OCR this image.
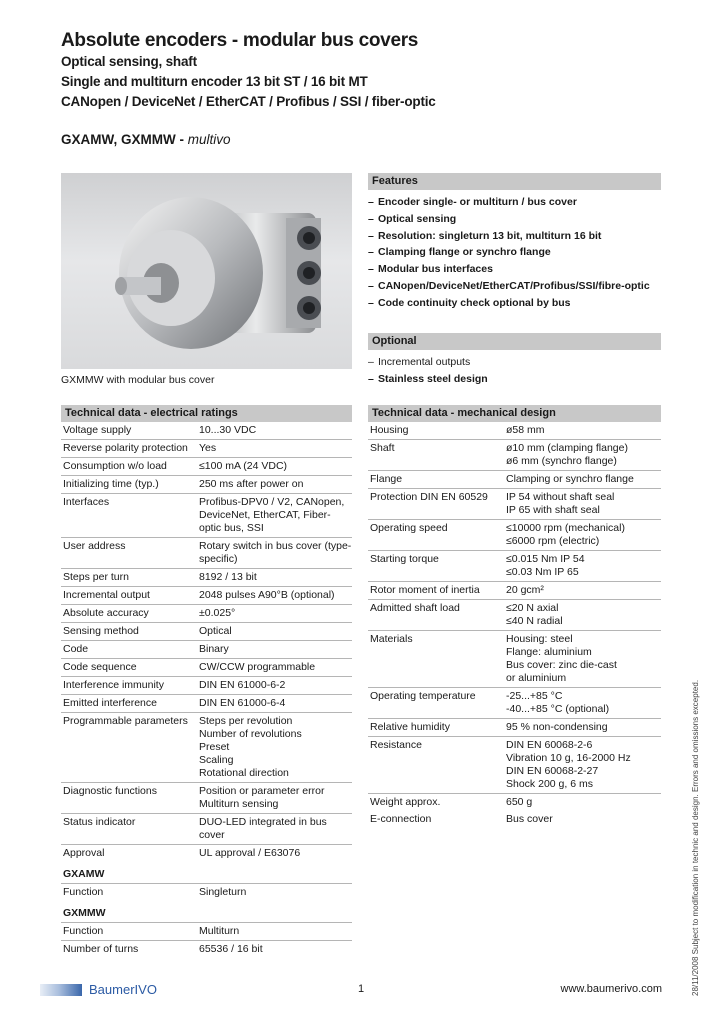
Absolute encoders - modular bus covers
Optical sensing, shaft
Single and multiturn encoder 13 bit ST / 16 bit MT
CANopen / DeviceNet / EtherCAT / Profibus / SSI / fiber-optic
GXAMW, GXMMW - multivo
GXMMW with modular bus cover
Features
– Encoder single- or multiturn / bus cover
– Optical sensing
– Resolution: singleturn 13 bit, multiturn 16 bit
– Clamping flange or synchro flange
– Modular bus interfaces
– CANopen/DeviceNet/EtherCAT/Profibus/SSI/fibre-optic
– Code continuity check optional by bus
Optional
– Incremental outputs
– Stainless steel design
Technical data - electrical ratings
Voltage supply	10...30 VDC
Reverse polarity protection	Yes
Consumption w/o load	≤100 mA (24 VDC)
Initializing time (typ.)	250 ms after power on
Interfaces	Profibus-DPV0 / V2, CANopen, DeviceNet, EtherCAT, Fiber-optic bus, SSI
User address	Rotary switch in bus cover (type-specific)
Steps per turn	8192 / 13 bit
Incremental output	2048 pulses A90°B (optional)
Absolute accuracy	±0.025°
Sensing method	Optical
Code	Binary
Code sequence	CW/CCW programmable
Interference immunity	DIN EN 61000-6-2
Emitted interference	DIN EN 61000-6-4
Programmable parameters	Steps per revolution
Number of revolutions
Preset
Scaling
Rotational direction
Diagnostic functions	Position or parameter error
Multiturn sensing
Status indicator	DUO-LED integrated in bus cover
Approval	UL approval / E63076
GXAMW	
Function	Singleturn
GXMMW	
Function	Multiturn
Number of turns	65536 / 16 bit
Technical data - mechanical design
Housing	ø58 mm
Shaft	ø10 mm (clamping flange)
ø6 mm (synchro flange)
Flange	Clamping or synchro flange
Protection DIN EN 60529	IP 54 without shaft seal
IP 65 with shaft seal
Operating speed	≤10000 rpm (mechanical)
≤6000 rpm (electric)
Starting torque	≤0.015 Nm IP 54
≤0.03 Nm IP 65
Rotor moment of inertia	20 gcm²
Admitted shaft load	≤20 N axial
≤40 N radial
Materials	Housing: steel
Flange: aluminium
Bus cover: zinc die-cast
or aluminium
Operating temperature	-25...+85 °C
-40...+85 °C (optional)
Relative humidity	95 % non-condensing
Resistance	DIN EN 60068-2-6
Vibration 10 g, 16-2000 Hz
DIN EN 60068-2-27
Shock 200 g, 6 ms
Weight approx.	650 g
E-connection	Bus cover	28/11/2008 Subject to modification in technic and design. Errors and omissions excepted.
BaumerIVO	1	www.baumerivo.com
